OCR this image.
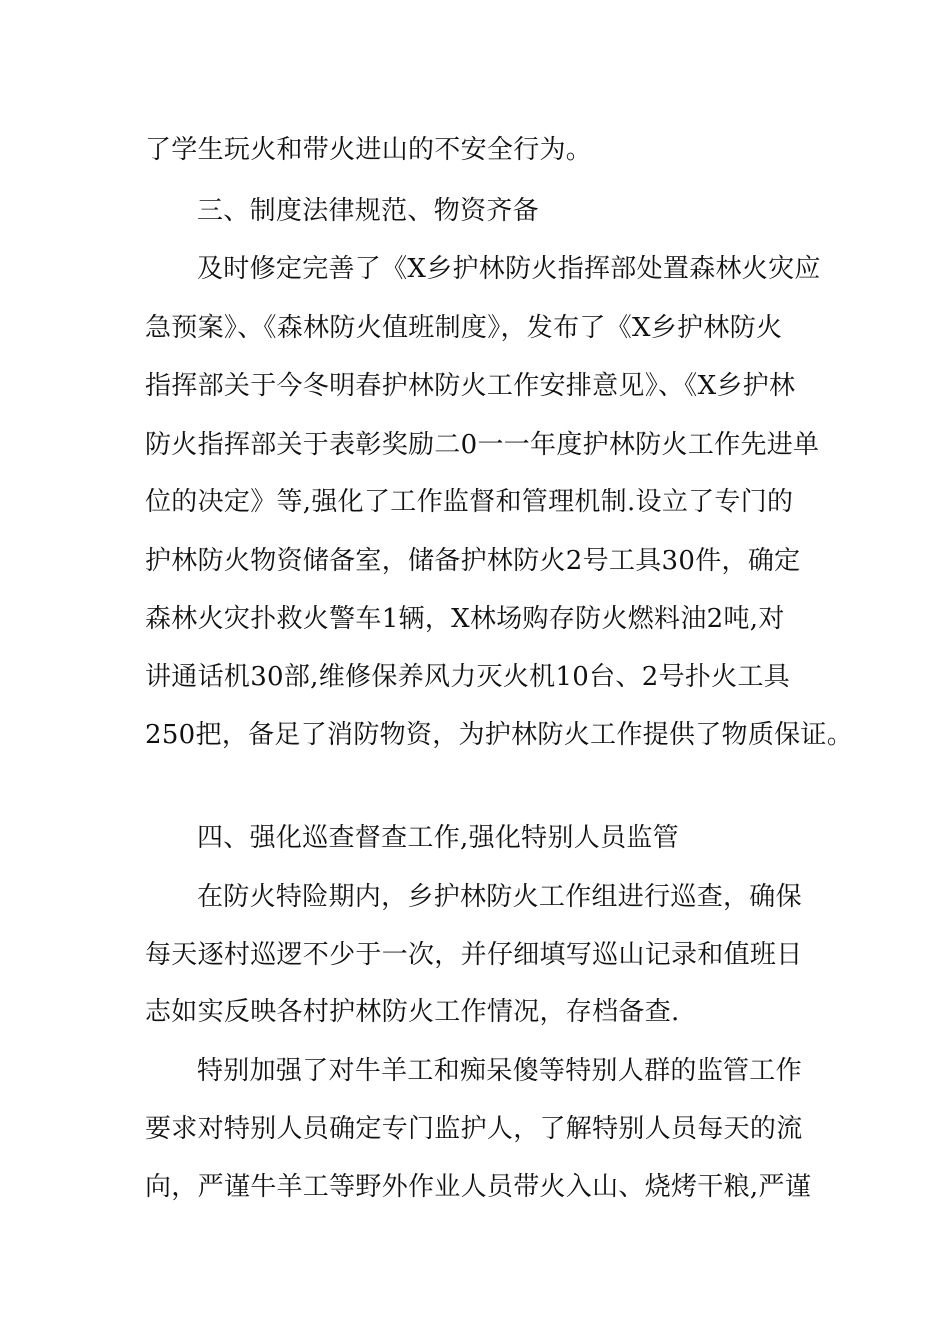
了学生玩火和带火进山的不安全行为。
三、制度法律规范、物资齐备
及时修定完善了《X乡护林防火指挥部处置森林火灾应
急预案》、《森林防火值班制度》，发布了《X乡护林防火
指挥部关于今冬明春护林防火工作安排意见》、《X乡护林
防火指挥部关于表彰奖励二0一一年度护林防火工作先进单
位的决定》等,强化了工作监督和管理机制.设立了专门的
护林防火物资储备室，储备护林防火2号工具30件，确定
森林火灾扑救火警车1辆，X林场购存防火燃料油2吨,对
讲通话机30部,维修保养风力灭火机10台、2号扑火工具
250把，备足了消防物资，为护林防火工作提供了物质保证。
四、强化巡查督查工作,强化特别人员监管
在防火特险期内，乡护林防火工作组进行巡查，确保
每天逐村巡逻不少于一次，并仔细填写巡山记录和值班日
志如实反映各村护林防火工作情况，存档备查.
特别加强了对牛羊工和痴呆傻等特别人群的监管工作
要求对特别人员确定专门监护人，了解特别人员每天的流
向，严谨牛羊工等野外作业人员带火入山、烧烤干粮,严谨
